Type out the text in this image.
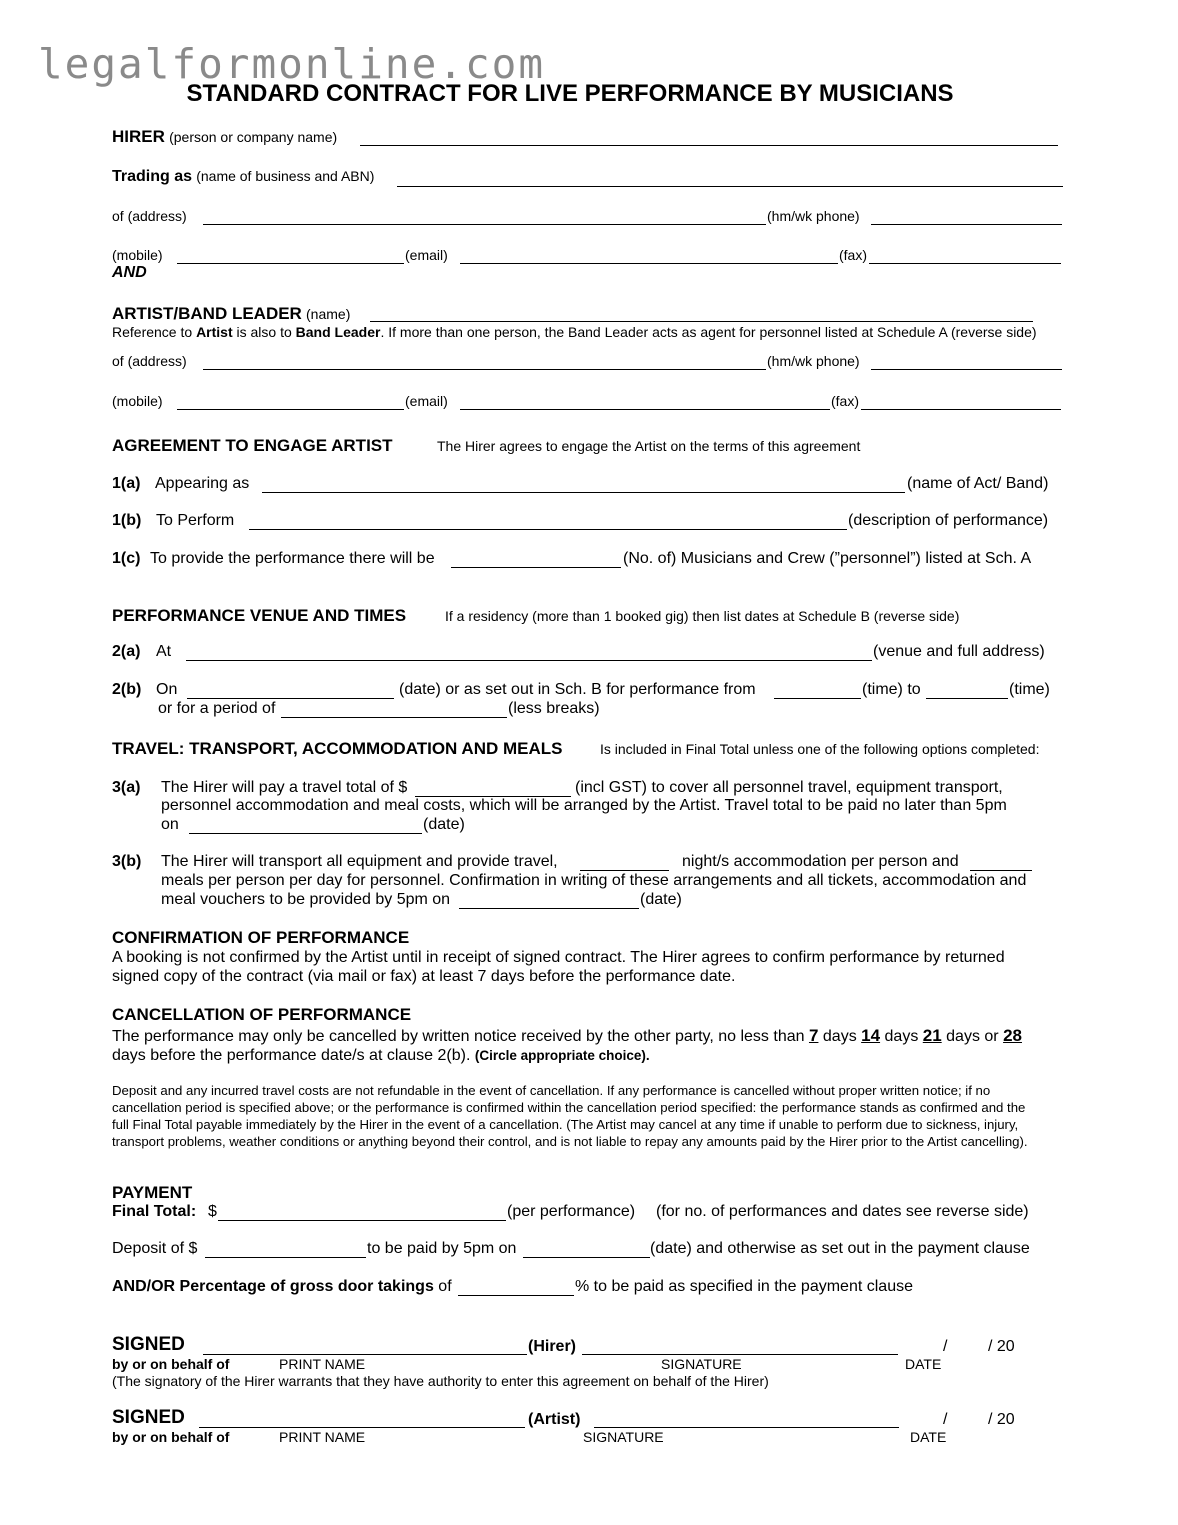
legalformonline.com
STANDARD CONTRACT FOR LIVE PERFORMANCE BY MUSICIANS
HIRER (person or company name)
Trading as (name of business and ABN)
of (address)	(hm/wk phone)
(mobile)	(email)	(fax)
AND
ARTIST/BAND LEADER (name)
Reference to Artist is also to Band Leader. If more than one person, the Band Leader acts as agent for personnel listed at Schedule A (reverse side)
of (address)	(hm/wk phone)
(mobile)	(email)	(fax)
AGREEMENT TO ENGAGE ARTIST	The Hirer agrees to engage the Artist on the terms of this agreement
1(a) Appearing as	(name of Act/ Band)
1(b) To Perform	(description of performance)
1(c) To provide the performance there will be	(No. of) Musicians and Crew (”personnel”) listed at Sch. A
PERFORMANCE VENUE AND TIMES	If a residency (more than 1 booked gig) then list dates at Schedule B (reverse side)
2(a) At	(venue and full address)
2(b) On	(date) or as set out in Sch. B for performance from	(time) to	(time)
or for a period of	(less breaks)
TRAVEL: TRANSPORT, ACCOMMODATION AND MEALS	Is included in Final Total unless one of the following options completed:
3(a) The Hirer will pay a travel total of $	(incl GST) to cover all personnel travel, equipment transport,
personnel accommodation and meal costs, which will be arranged by the Artist. Travel total to be paid no later than 5pm
on	(date)
3(b) The Hirer will transport all equipment and provide travel,	night/s accommodation per person and
meals per person per day for personnel. Confirmation in writing of these arrangements and all tickets, accommodation and
meal vouchers to be provided by 5pm on	(date)
CONFIRMATION OF PERFORMANCE
A booking is not confirmed by the Artist until in receipt of signed contract. The Hirer agrees to confirm performance by returned signed copy of the contract (via mail or fax) at least 7 days before the performance date.
CANCELLATION OF PERFORMANCE
The performance may only be cancelled by written notice received by the other party, no less than 7 days 14 days 21 days or 28
days before the performance date/s at clause 2(b). (Circle appropriate choice).
Deposit and any incurred travel costs are not refundable in the event of cancellation. If any performance is cancelled without proper written notice; if no cancellation period is specified above; or the performance is confirmed within the cancellation period specified: the performance stands as confirmed and the full Final Total payable immediately by the Hirer in the event of a cancellation. (The Artist may cancel at any time if unable to perform due to sickness, injury, transport problems, weather conditions or anything beyond their control, and is not liable to repay any amounts paid by the Hirer prior to the Artist cancelling).
PAYMENT
Final Total: $	(per performance) (for no. of performances and dates see reverse side)
Deposit of $	to be paid by 5pm on	(date) and otherwise as set out in the payment clause
AND/OR Percentage of gross door takings of	% to be paid as specified in the payment clause
SIGNED	(Hirer)	/	/ 20
by or on behalf of	PRINT NAME	SIGNATURE	DATE
(The signatory of the Hirer warrants that they have authority to enter this agreement on behalf of the Hirer)
SIGNED	(Artist)	/	/ 20
by or on behalf of	PRINT NAME	SIGNATURE	DATE
